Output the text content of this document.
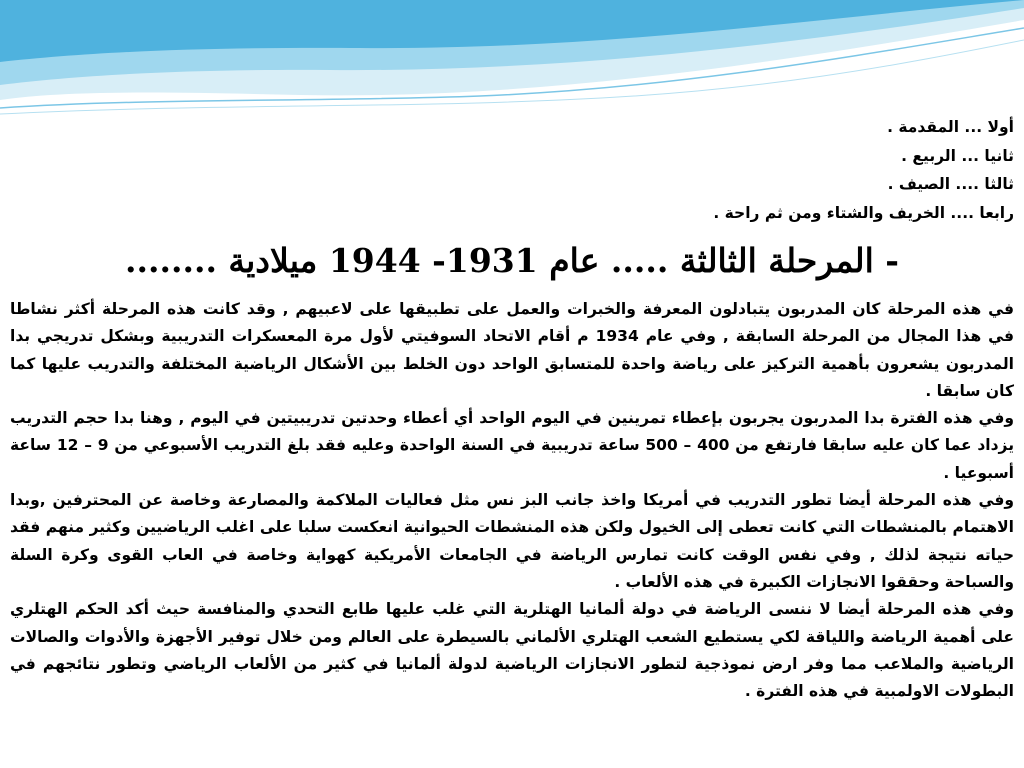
أولا ... المقدمة .
ثانيا ... الربيع .
ثالثا .... الصيف .
رابعا .... الخريف والشتاء ومن ثم راحة .
- المرحلة الثالثة ..... عام 1931- 1944 ميلادية ........

في هذه المرحلة كان المدربون يتبادلون المعرفة والخبرات والعمل على تطبيقها على لاعبيهم , وقد كانت هذه المرحلة أكثر نشاطا في هذا المجال من المرحلة السابقة , وفي عام 1934 م أقام الاتحاد السوفيتي لأول مرة المعسكرات التدريبية وبشكل تدريجي بدا المدربون يشعرون بأهمية التركيز على رياضة واحدة للمتسابق الواحد دون الخلط بين الأشكال الرياضية المختلفة والتدريب عليها كما كان سابقا .

وفي هذه الفترة بدا المدربون يجربون بإعطاء تمرينين في اليوم الواحد أي أعطاء وحدتين تدريبيتين في اليوم , وهنا بدا حجم التدريب يزداد عما كان عليه سابقا فارتفع من 400 – 500 ساعة تدريبية في السنة الواحدة وعليه فقد بلغ التدريب الأسبوعي من 9 – 12 ساعة أسبوعيا .

وفي هذه المرحلة أيضا تطور التدريب في أمريكا واخذ جانب البز نس مثل فعاليات الملاكمة والمصارعة وخاصة عن المحترفين ,وبدا الاهتمام بالمنشطات التي كانت تعطى إلى الخيول ولكن هذه المنشطات الحيوانية انعكست سلبا على اغلب الرياضيين وكثير منهم فقد حياته نتيجة لذلك , وفي نفس الوقت كانت تمارس الرياضة في الجامعات الأمريكية كهواية وخاصة في العاب القوى وكرة السلة والسباحة وحققوا الانجازات الكبيرة في هذه الألعاب .

وفي هذه المرحلة أيضا لا ننسى الرياضة في دولة ألمانيا الهتلرية التي غلب عليها طابع التحدي والمنافسة حيث أكد الحكم الهتلري على أهمية الرياضة واللياقة لكي يستطيع الشعب الهتلري الألماني بالسيطرة على العالم ومن خلال توفير الأجهزة والأدوات والصالات الرياضية والملاعب مما وفر ارض نموذجية لتطور الانجازات الرياضية لدولة ألمانيا في كثير من الألعاب الرياضي وتطور نتائجهم في البطولات الاولمبية في هذه الفترة .
